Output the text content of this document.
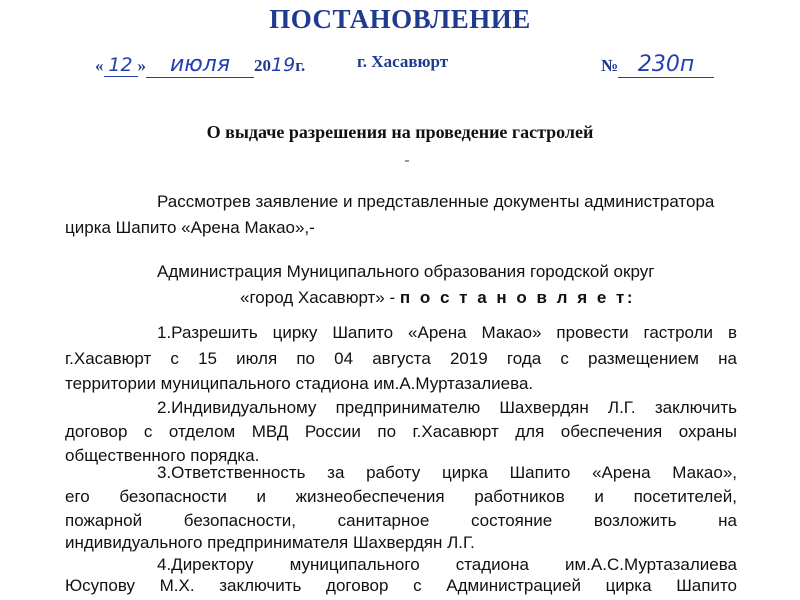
ПОСТАНОВЛЕНИЕ
« 12 » июля 2019г.	г. Хасавюрт	№ 230п
О выдаче разрешения на проведение гастролей
Рассмотрев заявление и представленные документы администратора
цирка Шапито «Арена Макао»,-
Администрация Муниципального образования городской округ
«город Хасавюрт» - п о с т а н о в л я е т:
1.Разрешить цирку Шапито «Арена Макао» провести гастроли в
г.Хасавюрт с 15 июля по 04 августа 2019 года с размещением на
территории муниципального стадиона им.А.Муртазалиева.
2.Индивидуальному предпринимателю Шахвердян Л.Г. заключить
договор с отделом МВД России по г.Хасавюрт для обеспечения охраны
общественного порядка.
3.Ответственность за работу цирка Шапито «Арена Макао»,
его безопасности и жизнеобеспечения работников и посетителей,
пожарной безопасности, санитарное состояние возложить на
индивидуального предпринимателя Шахвердян Л.Г.
4.Директору муниципального стадиона им.А.С.Муртазалиева
Юсупову М.Х. заключить договор с Администрацией цирка Шапито
